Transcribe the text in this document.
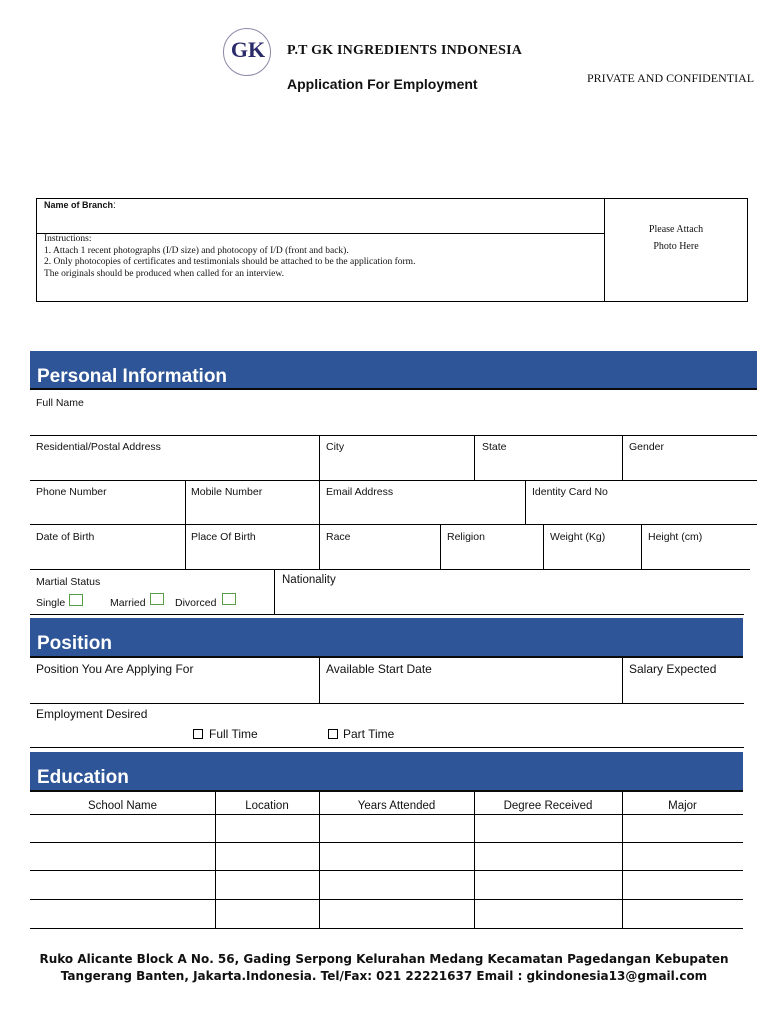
GK	P.T GK INGREDIENTS INDONESIA
Application For Employment	PRIVATE AND CONFIDENTIAL
Name of Branch:
Instructions:
1. Attach 1 recent photographs (I/D size) and photocopy of I/D (front and back).
2. Only photocopies of certificates and testimonials should be attached to be the application form.
The originals should be produced when called for an interview.
Please Attach
Photo Here
Personal Information
Full Name
Residential/Postal Address	City	State	Gender
Phone Number	Mobile Number	Email Address	Identity Card No
Date of Birth	Place Of Birth	Race	Religion	Weight (Kg)	Height (cm)
Martial Status
Single	Married	Divorced
Nationality
Position
Position You Are Applying For	Available Start Date	Salary Expected
Employment Desired
Full Time	Part Time
Education
School Name	Location	Years Attended	Degree Received	Major
Ruko Alicante Block A No. 56, Gading Serpong Kelurahan Medang Kecamatan Pagedangan Kebupaten
Tangerang Banten, Jakarta.Indonesia. Tel/Fax: 021 22221637 Email : gkindonesia13@gmail.com
